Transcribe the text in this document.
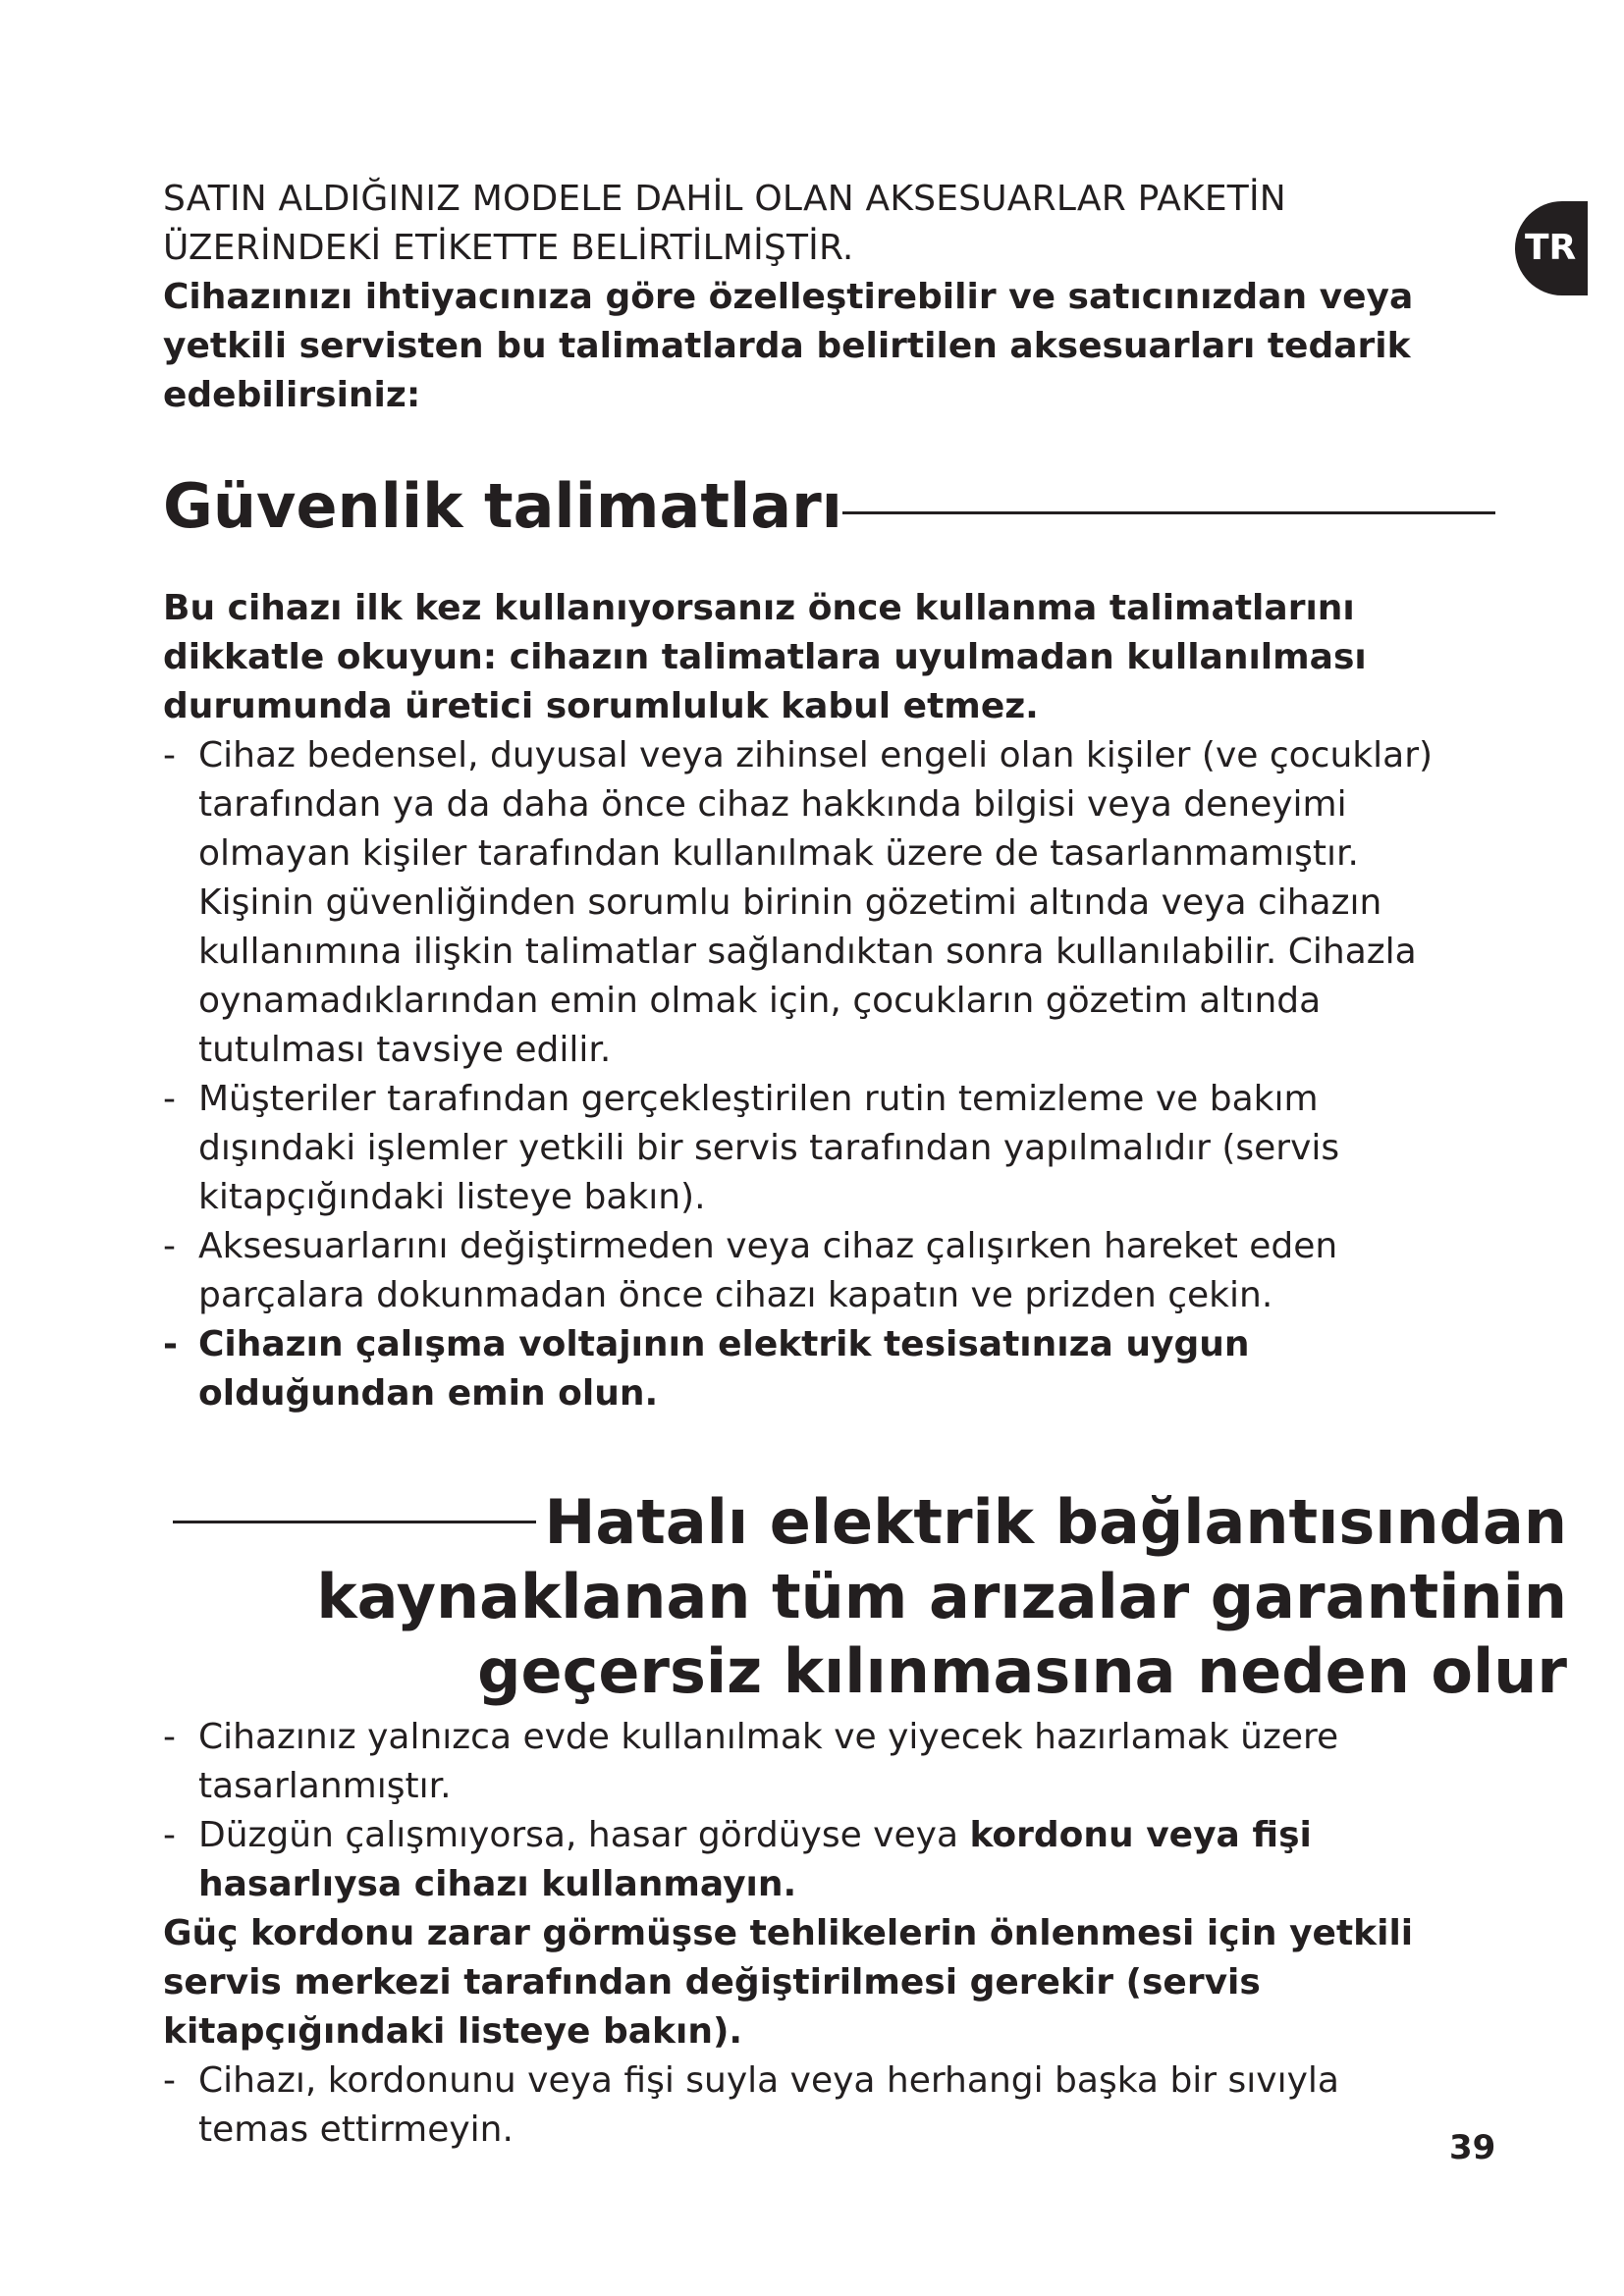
TR

SATIN ALDIĞINIZ MODELE DAHİL OLAN AKSESUARLAR PAKETİN

ÜZERİNDEKİ ETİKETTE BELİRTİLMİŞTİR.

Cihazınızı ihtiyacınıza göre özelleştirebilir ve satıcınızdan veya yetkili servisten bu talimatlarda belirtilen aksesuarları tedarik edebilirsiniz:

Güvenlik talimatları

Bu cihazı ilk kez kullanıyorsanız önce kullanma talimatlarını dikkatle okuyun: cihazın talimatlara uyulmadan kullanılması durumunda üretici sorumluluk kabul etmez.

- Cihaz bedensel, duyusal veya zihinsel engeli olan kişiler (ve çocuklar) tarafından ya da daha önce cihaz hakkında bilgisi veya deneyimi olmayan kişiler tarafından kullanılmak üzere de tasarlanmamıştır. Kişinin güvenliğinden sorumlu birinin gözetimi altında veya cihazın kullanımına ilişkin talimatlar sağlandıktan sonra kullanılabilir. Cihazla oynamadıklarından emin olmak için, çocukların gözetim altında tutulması tavsiye edilir.
- Müşteriler tarafından gerçekleştirilen rutin temizleme ve bakım dışındaki işlemler yetkili bir servis tarafından yapılmalıdır (servis kitapçığındaki listeye bakın).
- Aksesuarlarını değiştirmeden veya cihaz çalışırken hareket eden parçalara dokunmadan önce cihazı kapatın ve prizden çekin.
- Cihazın çalışma voltajının elektrik tesisatınıza uygun olduğundan emin olun.
Hatalı elektrik bağlantısından
kaynaklanan tüm arızalar garantinin
geçersiz kılınmasına neden olur
- Cihazınız yalnızca evde kullanılmak ve yiyecek hazırlamak üzere tasarlanmıştır.
- Düzgün çalışmıyorsa, hasar gördüyse veya kordonu veya fişi hasarlıysa cihazı kullanmayın.

Güç kordonu zarar görmüşse tehlikelerin önlenmesi için yetkili servis merkezi tarafından değiştirilmesi gerekir (servis kitapçığındaki listeye bakın).

- Cihazı, kordonunu veya fişi suyla veya herhangi başka bir sıvıyla temas ettirmeyin.	39
